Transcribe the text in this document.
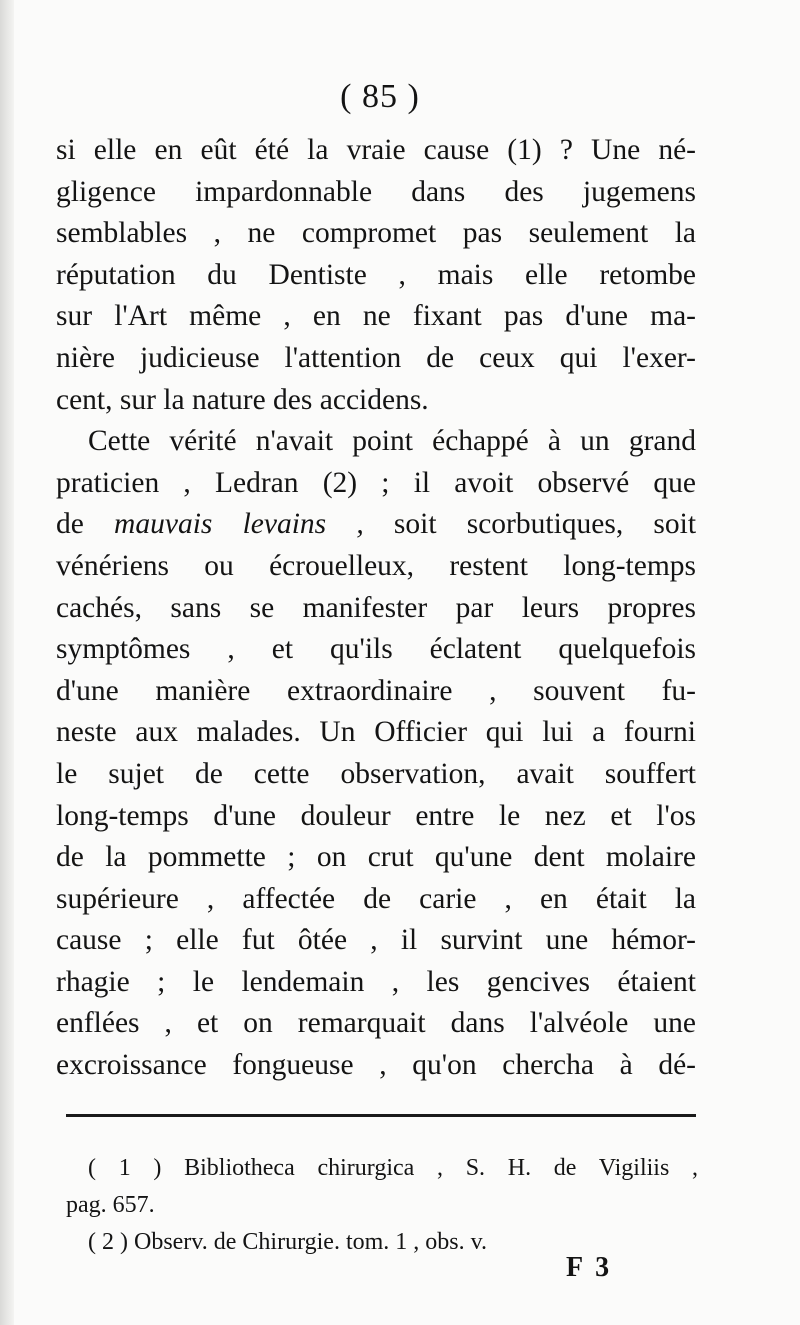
( 85 )
si elle en eût été la vraie cause (1) ? Une né-
gligence impardonnable dans des jugemens
semblables , ne compromet pas seulement la
réputation du Dentiste , mais elle retombe
sur l'Art même , en ne fixant pas d'une ma-
nière judicieuse l'attention de ceux qui l'exer-
cent, sur la nature des accidens.
Cette vérité n'avait point échappé à un grand
praticien , Ledran (2) ; il avoit observé que
de mauvais levains , soit scorbutiques, soit
vénériens ou écrouelleux, restent long-temps
cachés, sans se manifester par leurs propres
symptômes , et qu'ils éclatent quelquefois
d'une manière extraordinaire , souvent fu-
neste aux malades. Un Officier qui lui a fourni
le sujet de cette observation, avait souffert
long-temps d'une douleur entre le nez et l'os
de la pommette ; on crut qu'une dent molaire
supérieure , affectée de carie , en était la
cause ; elle fut ôtée , il survint une hémor-
rhagie ; le lendemain , les gencives étaient
enflées , et on remarquait dans l'alvéole une
excroissance fongueuse , qu'on chercha à dé-
( 1 ) Bibliotheca chirurgica , S. H. de Vigiliis ,
pag. 657.
( 2 ) Observ. de Chirurgie. tom. 1 , obs. v.
F 3
